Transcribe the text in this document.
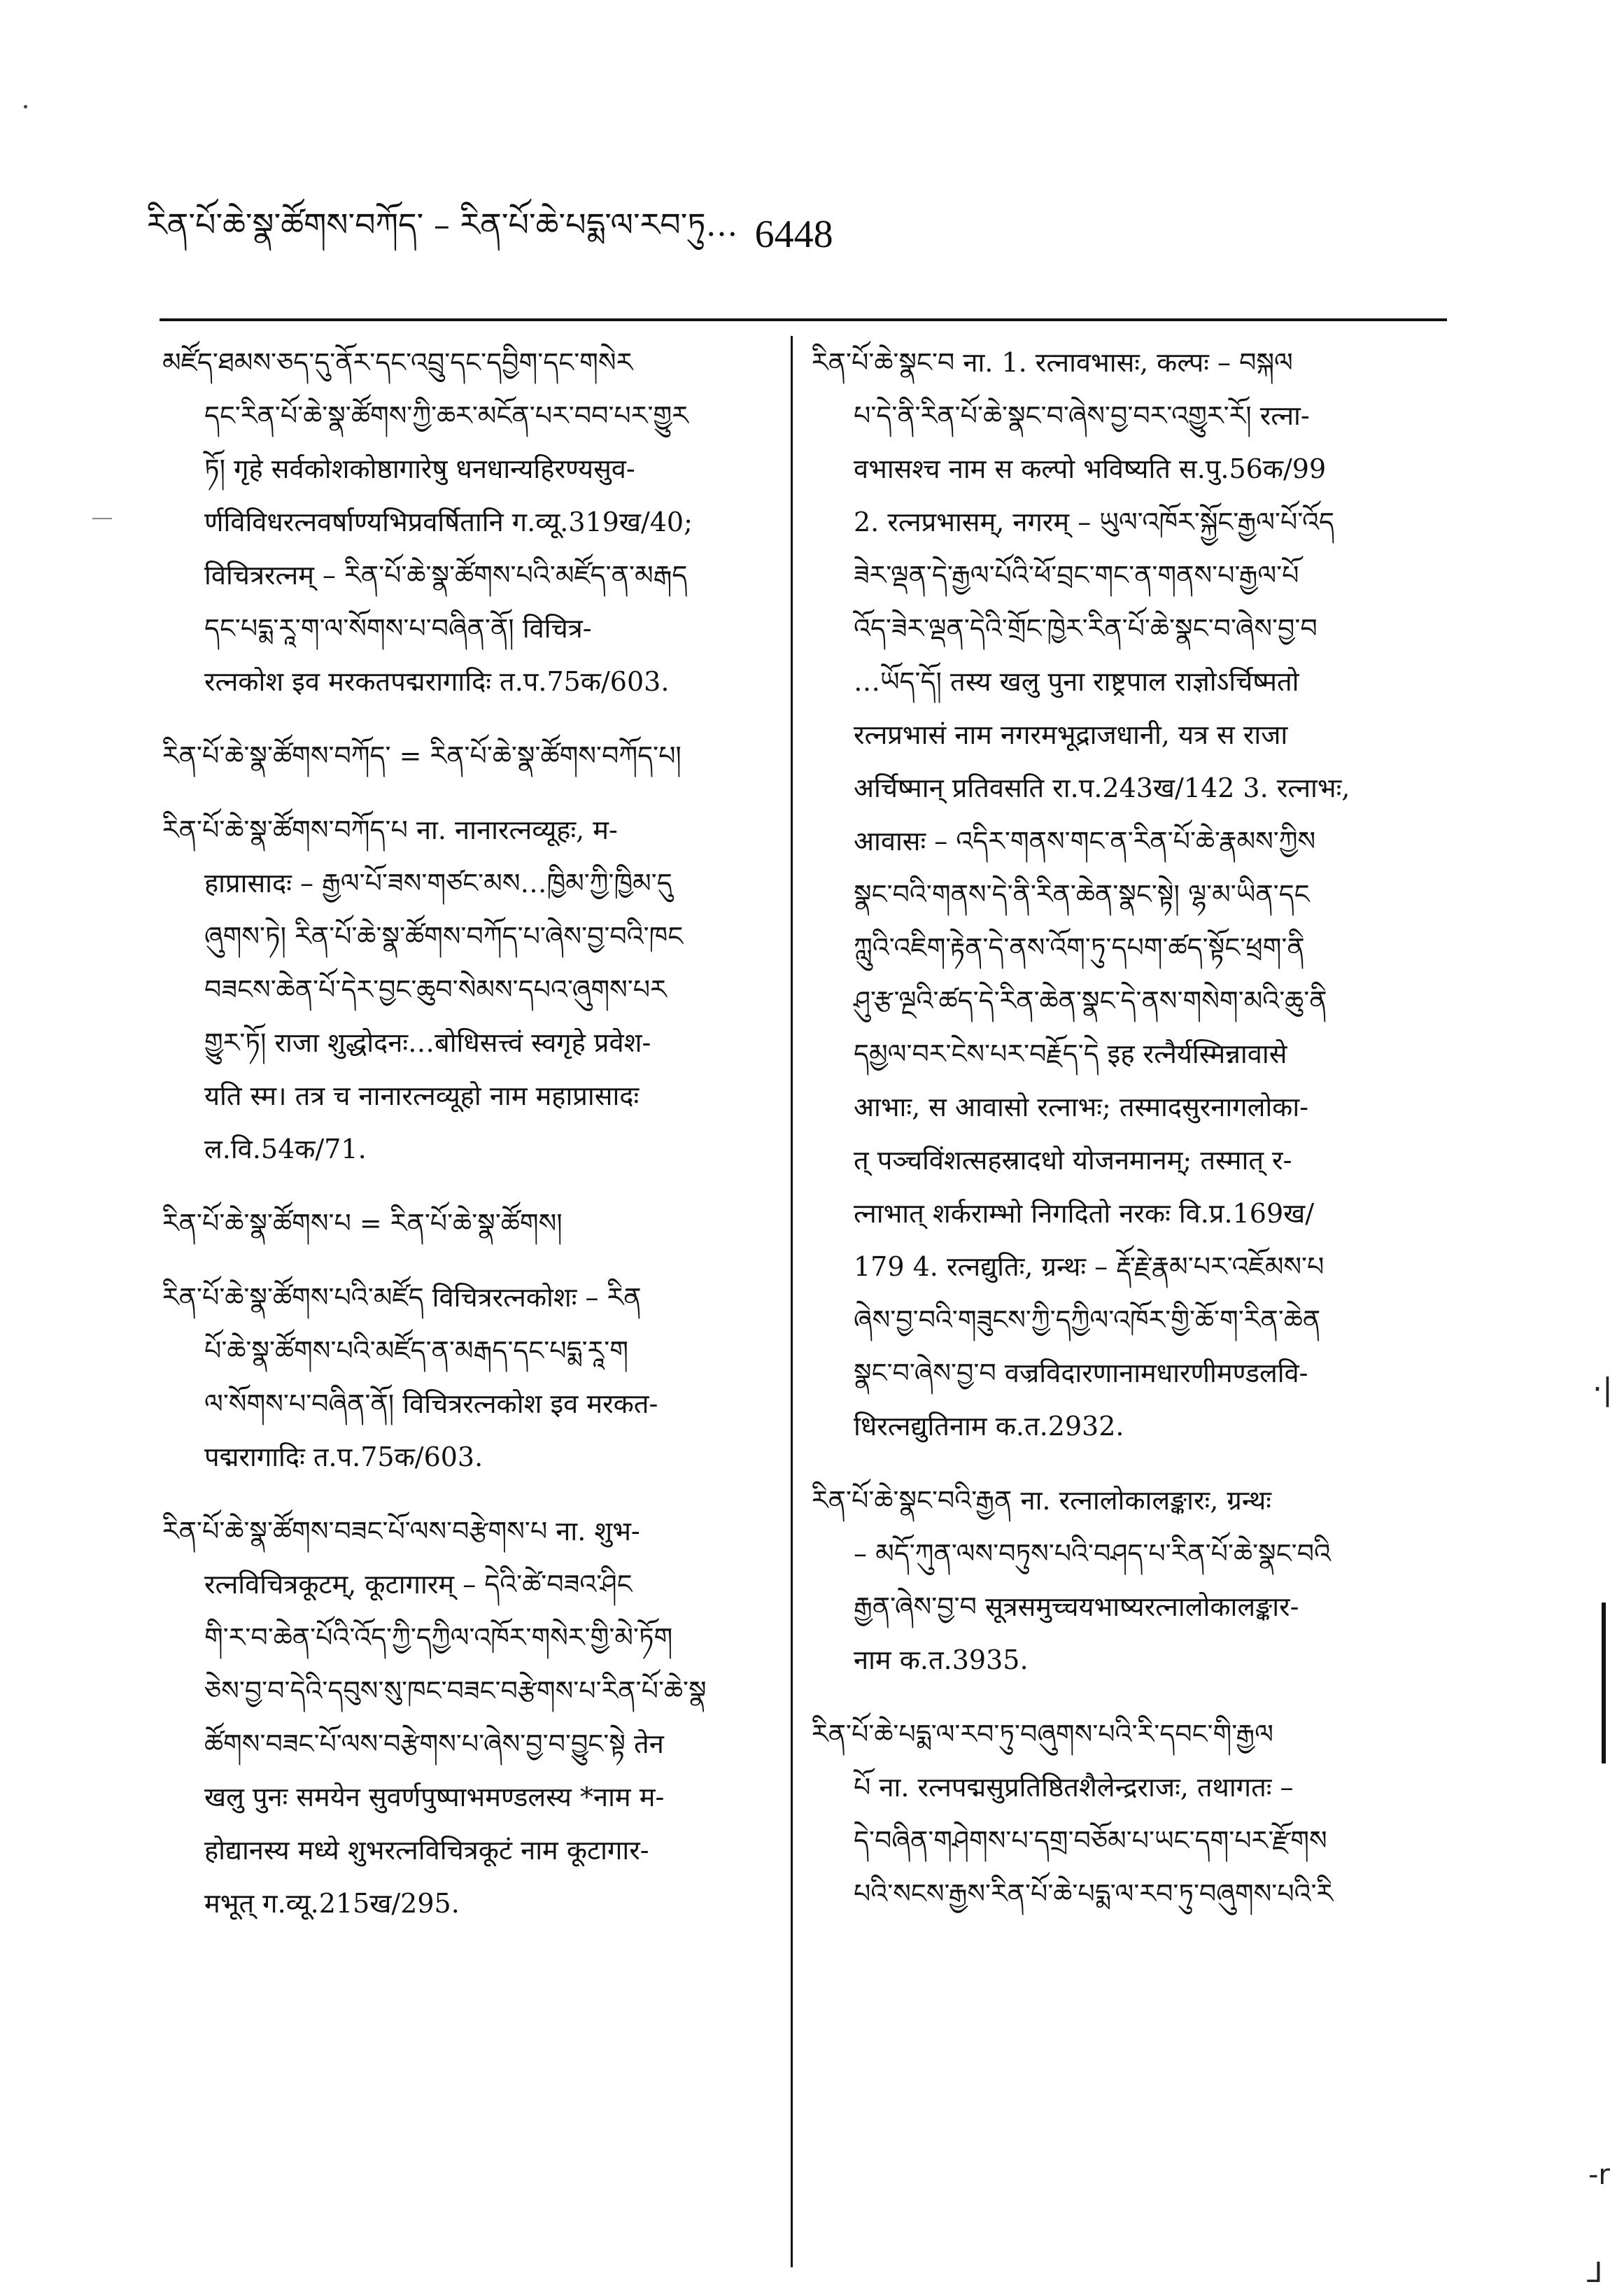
རིན་པོ་ཆེ་སྣ་ཚོགས་བཀོད་ – རིན་པོ་ཆེ་པདྨ་ལ་རབ་ཏུ… 6448

མཛོད་ཐམས་ཅད་དུ་ནོར་དང་འབྲུ་དང་དབྱིག་དང་གསེར

དང་རིན་པོ་ཆེ་སྣ་ཚོགས་ཀྱི་ཆར་མངོན་པར་བབ་པར་གྱུར

ཏོ། गृहे सर्वकोशकोष्ठागारेषु धनधान्यहिरण्यसुव-

र्णविविधरत्नवर्षाण्यभिप्रवर्षितानि ग.व्यू.319ख/40;

विचित्ररत्नम् – རིན་པོ་ཆེ་སྣ་ཚོགས་པའི་མཛོད་ན་མརྒད

དང་པདྨ་རཱ་ག་ལ་སོགས་པ་བཞིན་ནོ། विचित्र-

रत्नकोश इव मरकतपद्मरागादिः त.प.75क/603.

རིན་པོ་ཆེ་སྣ་ཚོགས་བཀོད་ = རིན་པོ་ཆེ་སྣ་ཚོགས་བཀོད་པ།

རིན་པོ་ཆེ་སྣ་ཚོགས་བཀོད་པ ना. नानारत्नव्यूहः, म-

हाप्रासादः – རྒྱལ་པོ་ཟས་གཙང་མས…ཁྱིམ་ཀྱི་ཁྱིམ་དུ

ཞུགས་ཏེ། རིན་པོ་ཆེ་སྣ་ཚོགས་བཀོད་པ་ཞེས་བྱ་བའི་ཁང

བཟངས་ཆེན་པོ་དེར་བྱང་ཆུབ་སེམས་དཔའ་ཞུགས་པར

གྱུར་ཏོ། राजा शुद्धोदनः…बोधिसत्त्वं स्वगृहे प्रवेश-

यति स्म। तत्र च नानारत्नव्यूहो नाम महाप्रासादः

ल.वि.54क/71.

རིན་པོ་ཆེ་སྣ་ཚོགས་པ = རིན་པོ་ཆེ་སྣ་ཚོགས།

རིན་པོ་ཆེ་སྣ་ཚོགས་པའི་མཛོད विचित्ररत्नकोशः – རིན

པོ་ཆེ་སྣ་ཚོགས་པའི་མཛོད་ན་མརྒད་དང་པདྨ་རཱ་ག

ལ་སོགས་པ་བཞིན་ནོ། विचित्ररत्नकोश इव मरकत-

पद्मरागादिः त.प.75क/603.

རིན་པོ་ཆེ་སྣ་ཚོགས་བཟང་པོ་ལས་བརྩེགས་པ ना. शुभ-

रत्नविचित्रकूटम्, कूटागारम् – དེའི་ཚེ་བཟའ་ཤིང

གི་ར་བ་ཆེན་པོའི་འོད་ཀྱི་དཀྱིལ་འཁོར་གསེར་གྱི་མེ་ཏོག

ཅེས་བྱ་བ་དེའི་དབུས་སུ་ཁང་བཟང་བརྩེགས་པ་རིན་པོ་ཆེ་སྣ

ཚོགས་བཟང་པོ་ལས་བརྩེགས་པ་ཞེས་བྱ་བ་བྱུང་སྟེ तेन

खलु पुनः समयेन सुवर्णपुष्पाभमण्डलस्य *नाम म-

होद्यानस्य मध्ये शुभरत्नविचित्रकूटं नाम कूटागार-

मभूत् ग.व्यू.215ख/295.

རིན་པོ་ཆེ་སྣང་བ ना. 1. रत्नावभासः, कल्पः – བསྐལ

པ་དེ་ནི་རིན་པོ་ཆེ་སྣང་བ་ཞེས་བྱ་བར་འགྱུར་རོ། रत्ना-

वभासश्च नाम स कल्पो भविष्यति स.पु.56क/99

2. रत्नप्रभासम्, नगरम् – ཡུལ་འཁོར་སྐྱོང་རྒྱལ་པོ་འོད

ཟེར་ལྡན་དེ་རྒྱལ་པོའི་ཕོ་བྲང་གང་ན་གནས་པ་རྒྱལ་པོ

འོད་ཟེར་ལྡན་དེའི་གྲོང་ཁྱེར་རིན་པོ་ཆེ་སྣང་བ་ཞེས་བྱ་བ

…ཡོད་དོ། तस्य खलु पुना राष्ट्रपाल राज्ञोऽर्चिष्मतो

रत्नप्रभासं नाम नगरमभूद्राजधानी, यत्र स राजा

अर्चिष्मान् प्रतिवसति रा.प.243ख/142 3. रत्नाभः,

आवासः – འདིར་གནས་གང་ན་རིན་པོ་ཆེ་རྣམས་ཀྱིས

སྣང་བའི་གནས་དེ་ནི་རིན་ཆེན་སྣང་སྟེ། ལྷ་མ་ཡིན་དང

ཀླུའི་འཇིག་རྟེན་དེ་ནས་འོག་ཏུ་དཔག་ཚད་སྟོང་ཕྲག་ནི

ཤུ་རྩ་ལྔའི་ཚད་དེ་རིན་ཆེན་སྣང་དེ་ནས་གསེག་མའི་ཆུ་ནི

དམྱལ་བར་ངེས་པར་བརྗོད་དེ इह रत्नैर्यस्मिन्नावासे

आभाः, स आवासो रत्नाभः; तस्मादसुरनागलोका-

त् पञ्चविंशत्सहस्रादधो योजनमानम्; तस्मात् र-

त्नाभात् शर्कराम्भो निगदितो नरकः वि.प्र.169ख/

179 4. रत्नद्युतिः, ग्रन्थः – རྡོ་རྗེ་རྣམ་པར་འཇོམས་པ

ཞེས་བྱ་བའི་གཟུངས་ཀྱི་དཀྱིལ་འཁོར་གྱི་ཆོ་ག་རིན་ཆེན

སྣང་བ་ཞེས་བྱ་བ वज्रविदारणानामधारणीमण्डलवि-

धिरत्नद्युतिनाम क.त.2932.

རིན་པོ་ཆེ་སྣང་བའི་རྒྱན ना. रत्नालोकालङ्कारः, ग्रन्थः

– མདོ་ཀུན་ལས་བཏུས་པའི་བཤད་པ་རིན་པོ་ཆེ་སྣང་བའི

རྒྱན་ཞེས་བྱ་བ सूत्रसमुच्चयभाष्यरत्नालोकालङ्कार-

नाम क.त.3935.

རིན་པོ་ཆེ་པདྨ་ལ་རབ་ཏུ་བཞུགས་པའི་རི་དབང་གི་རྒྱལ

པོ ना. रत्नपद्मसुप्रतिष्ठितशैलेन्द्रराजः, तथागतः –

དེ་བཞིན་གཤེགས་པ་དགྲ་བཅོམ་པ་ཡང་དག་པར་རྫོགས

པའི་སངས་རྒྱས་རིན་པོ་ཆེ་པདྨ་ལ་རབ་ཏུ་བཞུགས་པའི་རི

·|
-r
⅃
